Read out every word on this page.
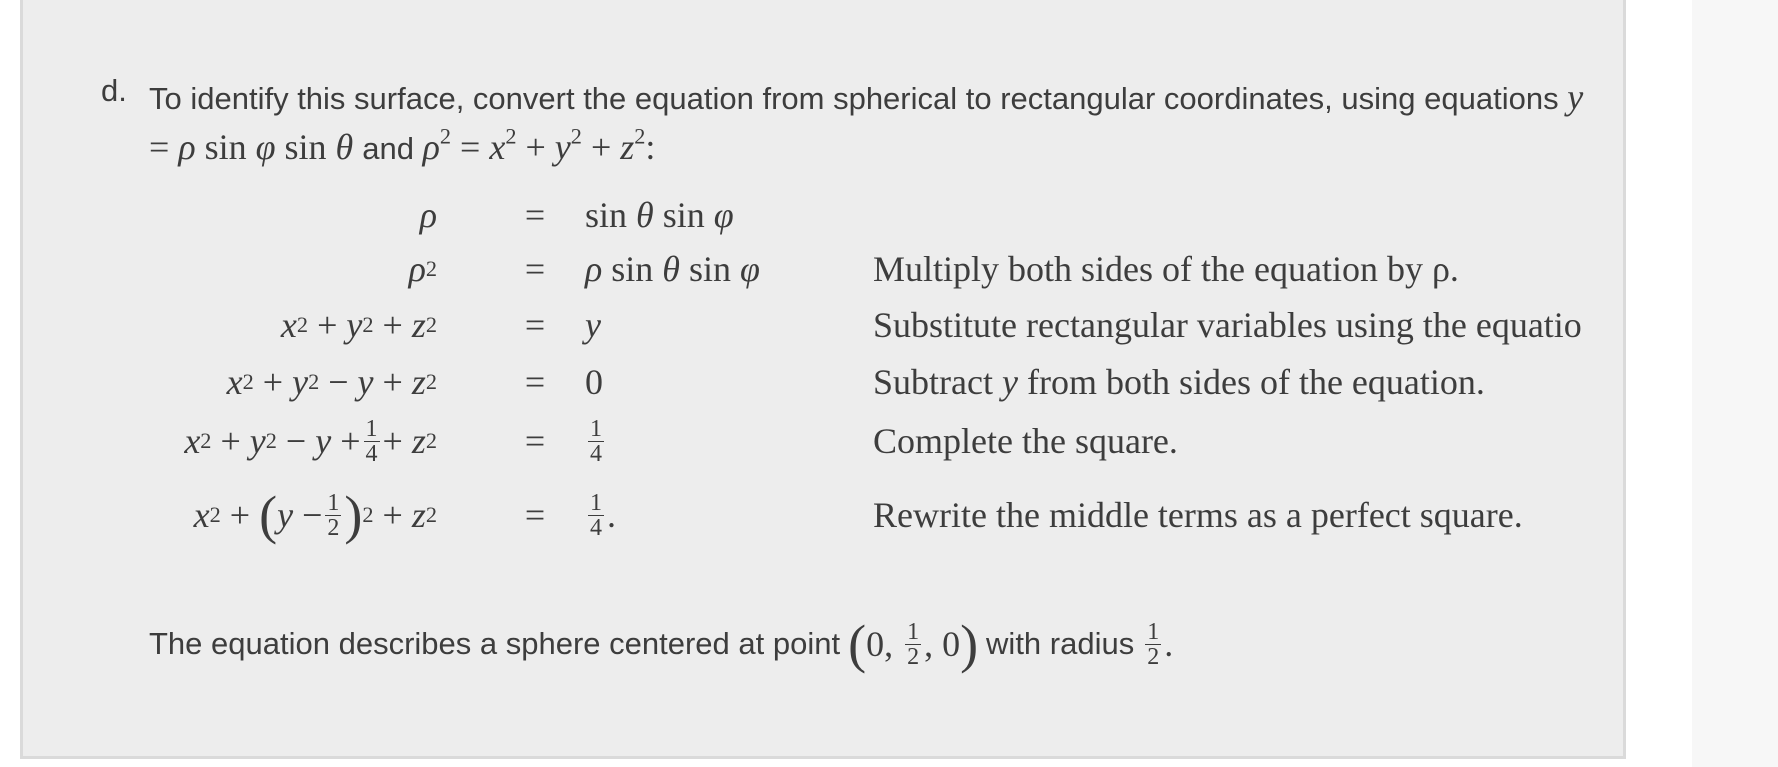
d. To identify this surface, convert the equation from spherical to rectangular coordinates, using equations y = ρ sin φ sin θ and $\rho^2 = x^2 + y^2 + z^2$:
ρ = sin θ sin φ
ρ 2 = ρ sin θ sin φ	Multiply both sides of the equation by ρ.
x 2 + y 2 + z 2 = y	Substitute rectangular variables using the equatio
x 2 + y 2 − y + z 2 = 0	Subtract y from both sides of the equation.
x 2 + y $2 - y + \frac{1}{4} + z$ 2 =	$\frac{1}{4}$	Complete the square.
x 2 + ( $y - \frac{1}{2}$ ) 2 + z 2 =	$\frac{1}{4}$ .	Rewrite the middle terms as a perfect square.
The equation describes a sphere centered at point ( 0, $\frac{1}{2}$ , 0 ) with radius $\frac{1}{2}$ .
